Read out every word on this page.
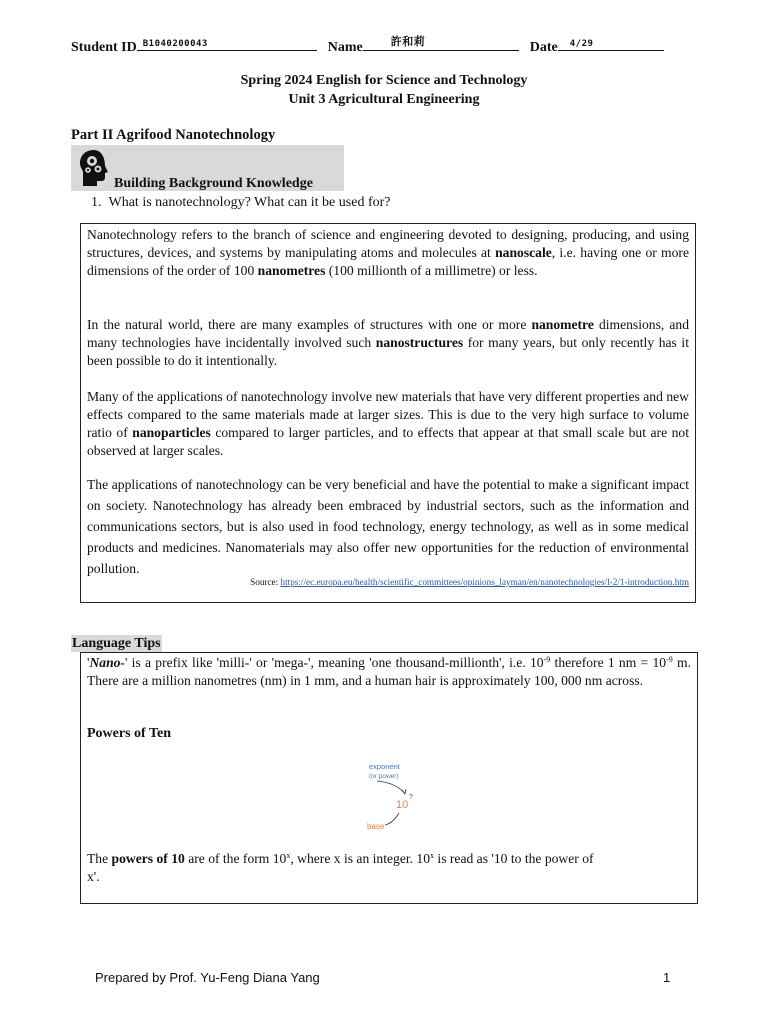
Student ID B1040200043	Name	許和莉	Date 4/29
Spring 2024 English for Science and Technology
Unit 3 Agricultural Engineering
Part II Agrifood Nanotechnology
Building Background Knowledge
1. What is nanotechnology? What can it be used for?

Nanotechnology refers to the branch of science and engineering devoted to designing, producing, and using structures, devices, and systems by manipulating atoms and molecules at nanoscale, i.e. having one or more dimensions of the order of 100 nanometres (100 millionth of a millimetre) or less.

In the natural world, there are many examples of structures with one or more nanometre dimensions, and many technologies have incidentally involved such nanostructures for many years, but only recently has it been possible to do it intentionally.

Many of the applications of nanotechnology involve new materials that have very different properties and new effects compared to the same materials made at larger sizes. This is due to the very high surface to volume ratio of nanoparticles compared to larger particles, and to effects that appear at that small scale but are not observed at larger scales.

The applications of nanotechnology can be very beneficial and have the potential to make a significant impact on society. Nanotechnology has already been embraced by industrial sectors, such as the information and communications sectors, but is also used in food technology, energy technology, as well as in some medical products and medicines. Nanomaterials may also offer new opportunities for the reduction of environmental pollution.

Source: https://ec.europa.eu/health/scientific_committees/opinions_layman/en/nanotechnologies/l-2/1-introduction.htm
Language Tips

'Nano-' is a prefix like 'milli-' or 'mega-', meaning 'one thousand-millionth', i.e. $10^{-9}$ therefore 1 nm = $10^{-9}$ m. There are a million nanometres (nm) in 1 mm, and a human hair is approximately 100, 000 nm across.

Powers of Ten
exponent
(or power)
10
?
base

The powers of 10 are of the form 10$^x$, where x is an integer. 10$^x$ is read as '10 to the power of x'.

Prepared by Prof. Yu-Feng Diana Yang	1
